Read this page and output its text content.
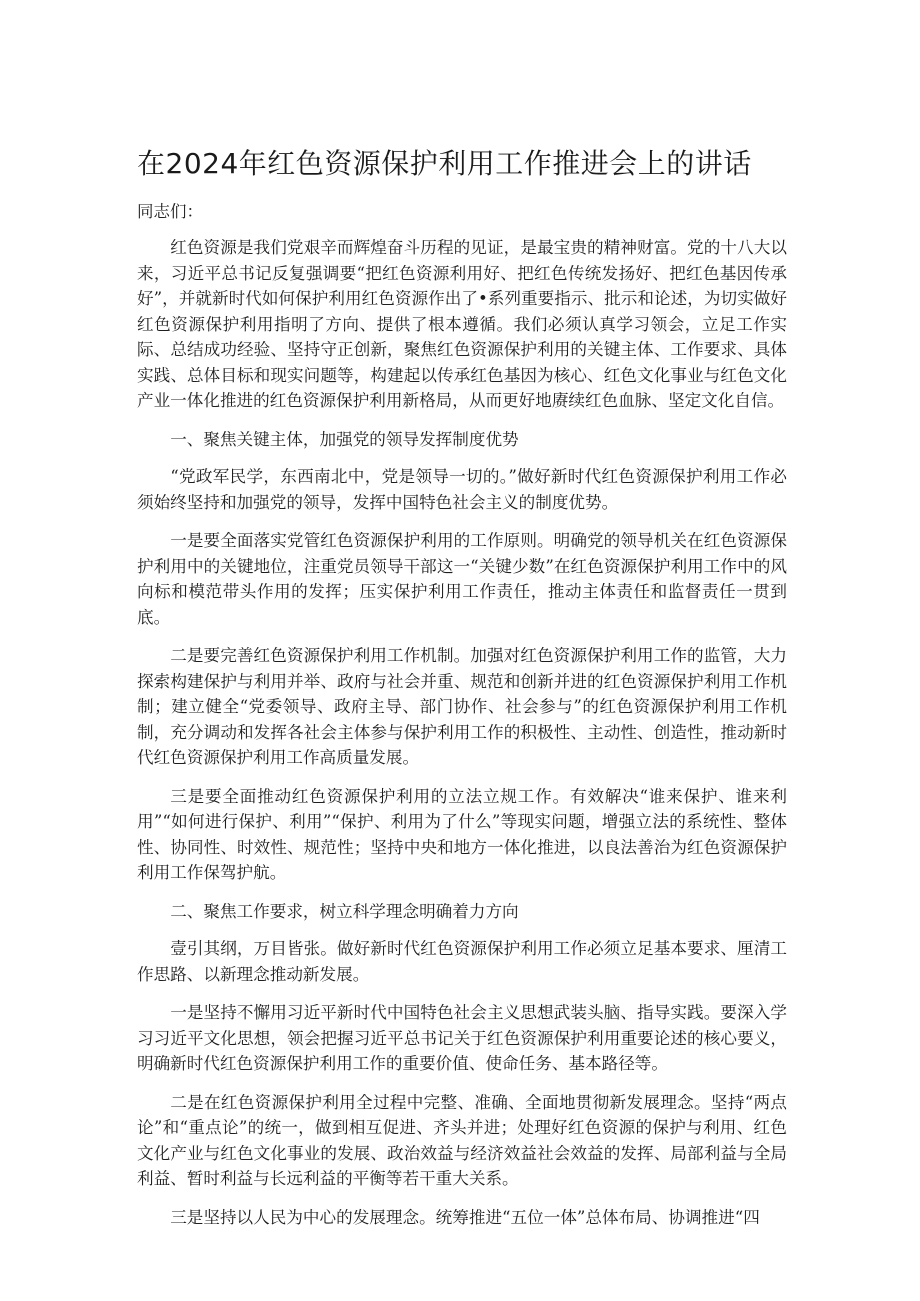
在2024年红色资源保护利用工作推进会上的讲话
同志们：

红色资源是我们党艰辛而辉煌奋斗历程的见证，是最宝贵的精神财富。党的十八大以来，习近平总书记反复强调要“把红色资源利用好、把红色传统发扬好、把红色基因传承好”，并就新时代如何保护利用红色资源作出了•系列重要指示、批示和论述，为切实做好红色资源保护利用指明了方向、提供了根本遵循。我们必须认真学习领会，立足工作实际、总结成功经验、坚持守正创新，聚焦红色资源保护利用的关键主体、工作要求、具体实践、总体目标和现实问题等，构建起以传承红色基因为核心、红色文化事业与红色文化产业一体化推进的红色资源保护利用新格局，从而更好地赓续红色血脉、坚定文化自信。

一、聚焦关键主体，加强党的领导发挥制度优势

“党政军民学，东西南北中，党是领导一切的。”做好新时代红色资源保护利用工作必须始终坚持和加强党的领导，发挥中国特色社会主义的制度优势。

一是要全面落实党管红色资源保护利用的工作原则。明确党的领导机关在红色资源保护利用中的关键地位，注重党员领导干部这一“关键少数”在红色资源保护利用工作中的风向标和模范带头作用的发挥；压实保护利用工作责任，推动主体责任和监督责任一贯到底。

二是要完善红色资源保护利用工作机制。加强对红色资源保护利用工作的监管，大力探索构建保护与利用并举、政府与社会并重、规范和创新并进的红色资源保护利用工作机制；建立健全“党委领导、政府主导、部门协作、社会参与”的红色资源保护利用工作机制，充分调动和发挥各社会主体参与保护利用工作的积极性、主动性、创造性，推动新时代红色资源保护利用工作高质量发展。

三是要全面推动红色资源保护利用的立法立规工作。有效解决“谁来保护、谁来利用”“如何进行保护、利用”“保护、利用为了什么”等现实问题，增强立法的系统性、整体性、协同性、时效性、规范性；坚持中央和地方一体化推进，以良法善治为红色资源保护利用工作保驾护航。

二、聚焦工作要求，树立科学理念明确着力方向

壹引其纲，万目皆张。做好新时代红色资源保护利用工作必须立足基本要求、厘清工作思路、以新理念推动新发展。

一是坚持不懈用习近平新时代中国特色社会主义思想武装头脑、指导实践。要深入学习习近平文化思想，领会把握习近平总书记关于红色资源保护利用重要论述的核心要义，明确新时代红色资源保护利用工作的重要价值、使命任务、基本路径等。

二是在红色资源保护利用全过程中完整、准确、全面地贯彻新发展理念。坚持“两点论”和“重点论”的统一，做到相互促进、齐头并进；处理好红色资源的保护与利用、红色文化产业与红色文化事业的发展、政治效益与经济效益社会效益的发挥、局部利益与全局利益、暂时利益与长远利益的平衡等若干重大关系。

三是坚持以人民为中心的发展理念。统筹推进“五位一体”总体布局、协调推进“四
